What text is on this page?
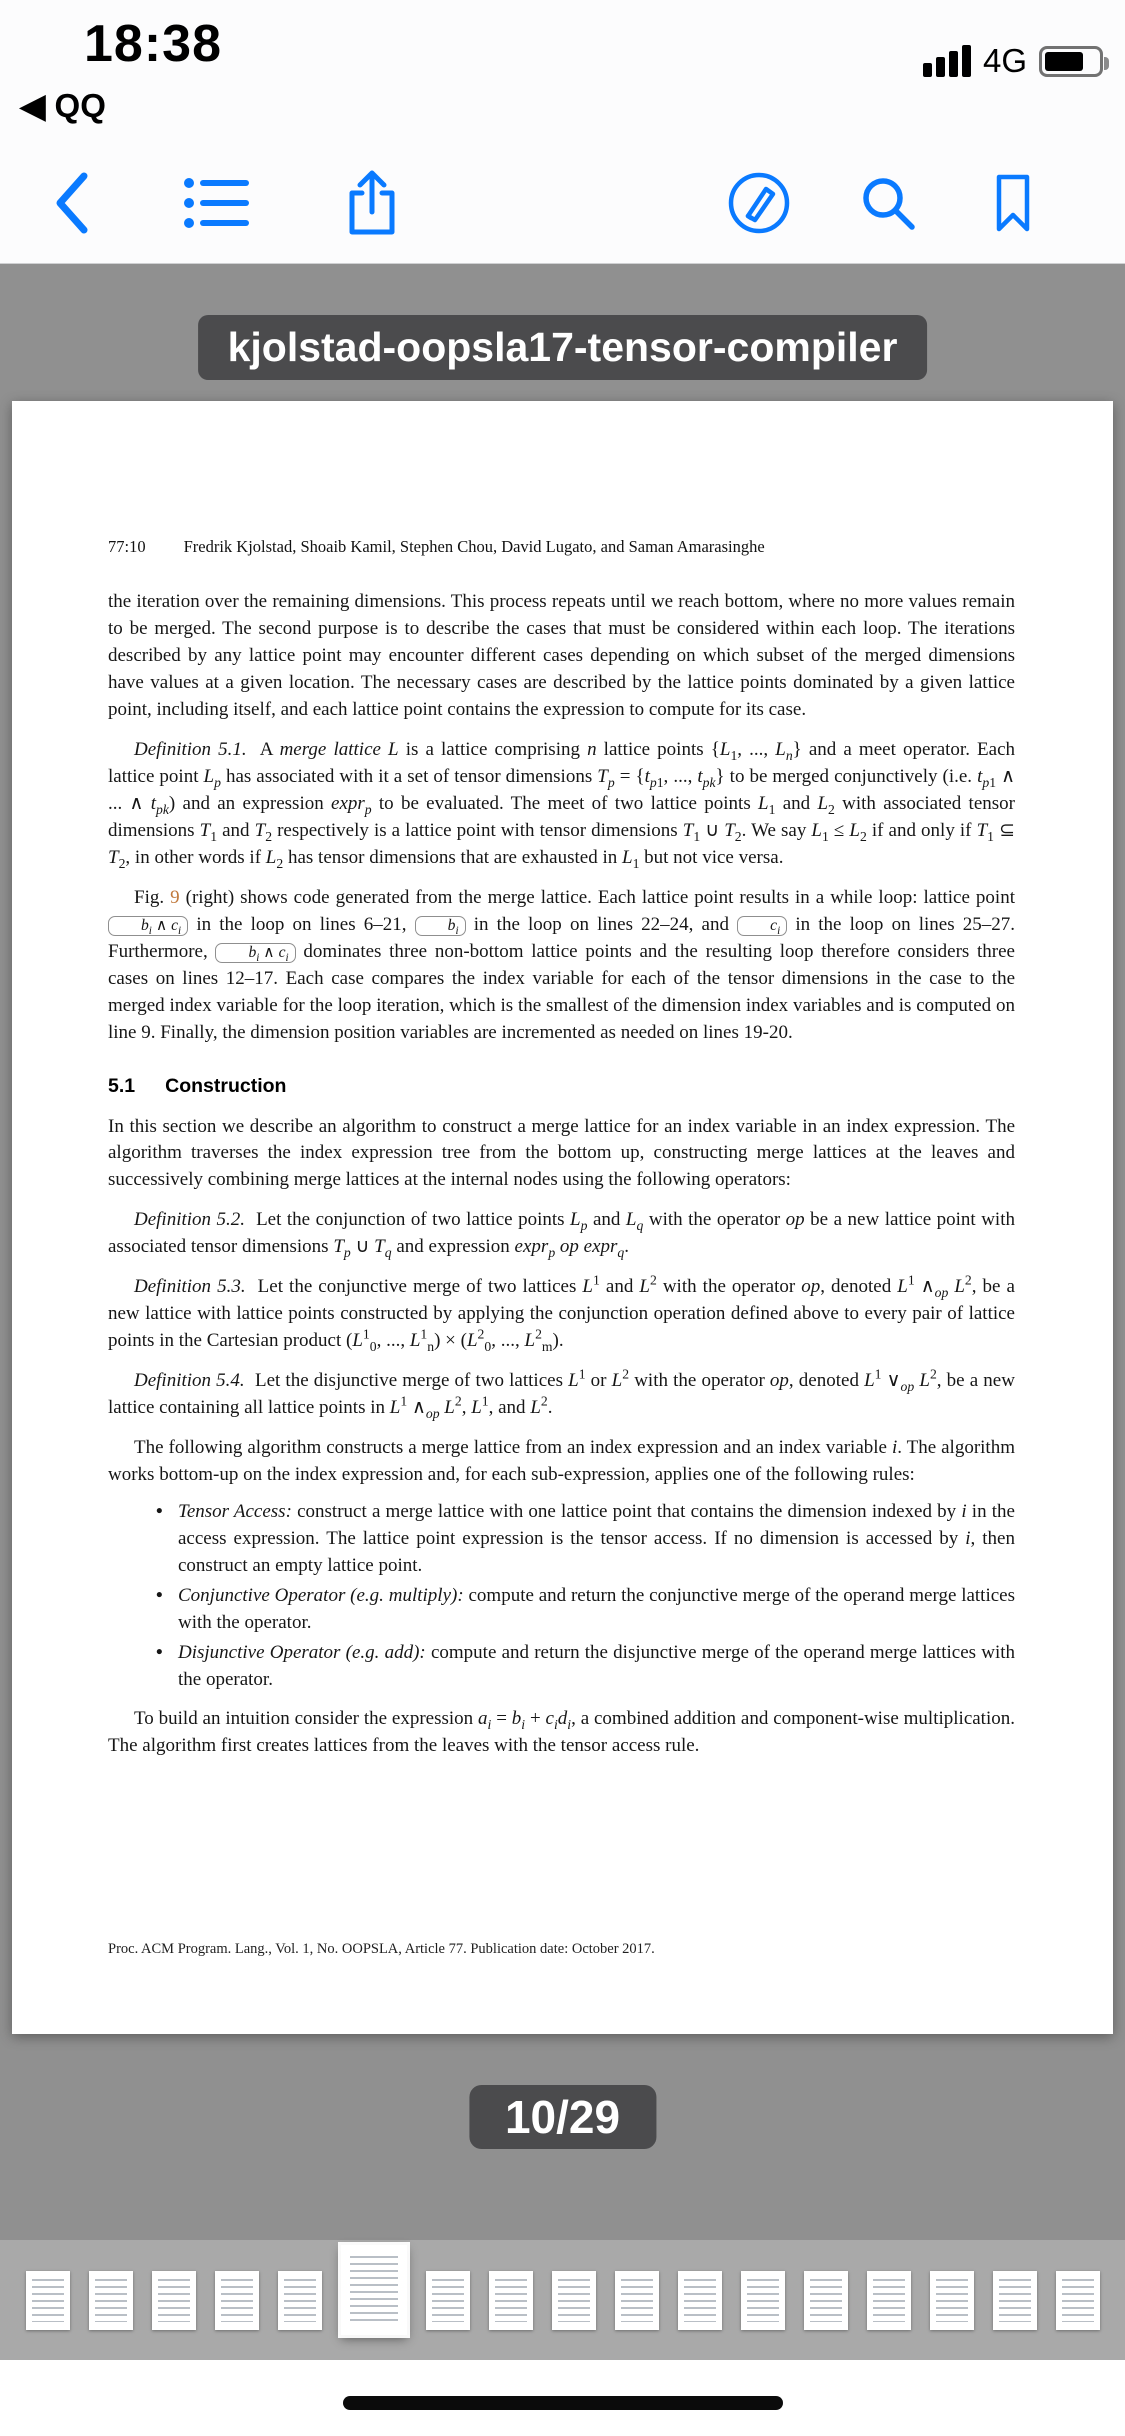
18:38
◀ QQ
4G
kjolstad-oopsla17-tensor-compiler
77:10 Fredrik Kjolstad, Shoaib Kamil, Stephen Chou, David Lugato, and Saman Amarasinghe

the iteration over the remaining dimensions. This process repeats until we reach bottom, where no more values remain to be merged. The second purpose is to describe the cases that must be considered within each loop. The iterations described by any lattice point may encounter different cases depending on which subset of the merged dimensions have values at a given location. The necessary cases are described by the lattice points dominated by a given lattice point, including itself, and each lattice point contains the expression to compute for its case.

Definition 5.1.  A merge lattice L is a lattice comprising n lattice points {$L_1$, ..., $L_n$} and a meet operator. Each lattice point $L_p$ has associated with it a set of tensor dimensions $T_p = \{t_{p1}$, ..., $t_{pk}$} to be merged conjunctively (i.e. $t_{p1}$ ∧ ... ∧ $t_{pk}$) and an expression expr$_p$ to be evaluated. The meet of two lattice points $L_1$ and $L_2$ with associated tensor dimensions $T_1$ and $T_2$ respectively is a lattice point with tensor dimensions $T_1$ ∪ $T_2$. We say $L_1 \le L_2$ if and only if $T_1$ ⊆ $T_2$, in other words if $L_2$ has tensor dimensions that are exhausted in $L_1$ but not vice versa.

Fig. 9 (right) shows code generated from the merge lattice. Each lattice point results in a while loop: lattice point $b_i$ ∧ $c_i$ in the loop on lines 6–21, $b_i$ in the loop on lines 22–24, and $c_i$ in the loop on lines 25–27. Furthermore, $b_i$ ∧ $c_i$ dominates three non-bottom lattice points and the resulting loop therefore considers three cases on lines 12–17. Each case compares the index variable for each of the tensor dimensions in the case to the merged index variable for the loop iteration, which is the smallest of the dimension index variables and is computed on line 9. Finally, the dimension position variables are incremented as needed on lines 19-20.

5.1 Construction

In this section we describe an algorithm to construct a merge lattice for an index variable in an index expression. The algorithm traverses the index expression tree from the bottom up, constructing merge lattices at the leaves and successively combining merge lattices at the internal nodes using the following operators:

Definition 5.2.  Let the conjunction of two lattice points $L_p$ and $L_q$ with the operator op be a new lattice point with associated tensor dimensions $T_p$ ∪ $T_q$ and expression expr$_p$ op expr$_q$.

Definition 5.3.  Let the conjunctive merge of two lattices $L^1$ and $L^2$ with the operator op, denoted $L^1$ $\wedge_{op}$ $L^2$, be a new lattice with lattice points constructed by applying the conjunction operation defined above to every pair of lattice points in the Cartesian product ($L^1_0$, ..., $L^1_n) \times (L^2_0$, ..., $L^2_m$).

Definition 5.4.  Let the disjunctive merge of two lattices $L^1$ or $L^2$ with the operator op, denoted $L^1$ $\vee_{op}$ $L^2$, be a new lattice containing all lattice points in $L^1$ $\wedge_{op}$ $L^2$, $L^1$, and $L^2$.

The following algorithm constructs a merge lattice from an index expression and an index variable i. The algorithm works bottom-up on the index expression and, for each sub-expression, applies one of the following rules:

• Tensor Access: construct a merge lattice with one lattice point that contains the dimension indexed by i in the access expression. The lattice point expression is the tensor access. If no dimension is accessed by i, then construct an empty lattice point.
• Conjunctive Operator (e.g. multiply): compute and return the conjunctive merge of the operand merge lattices with the operator.
• Disjunctive Operator (e.g. add): compute and return the disjunctive merge of the operand merge lattices with the operator.

To build an intuition consider the expression $a_i = b_i + c_id_i$, a combined addition and component-wise multiplication. The algorithm first creates lattices from the leaves with the tensor access rule.

Proc. ACM Program. Lang., Vol. 1, No. OOPSLA, Article 77. Publication date: October 2017.
10/29
